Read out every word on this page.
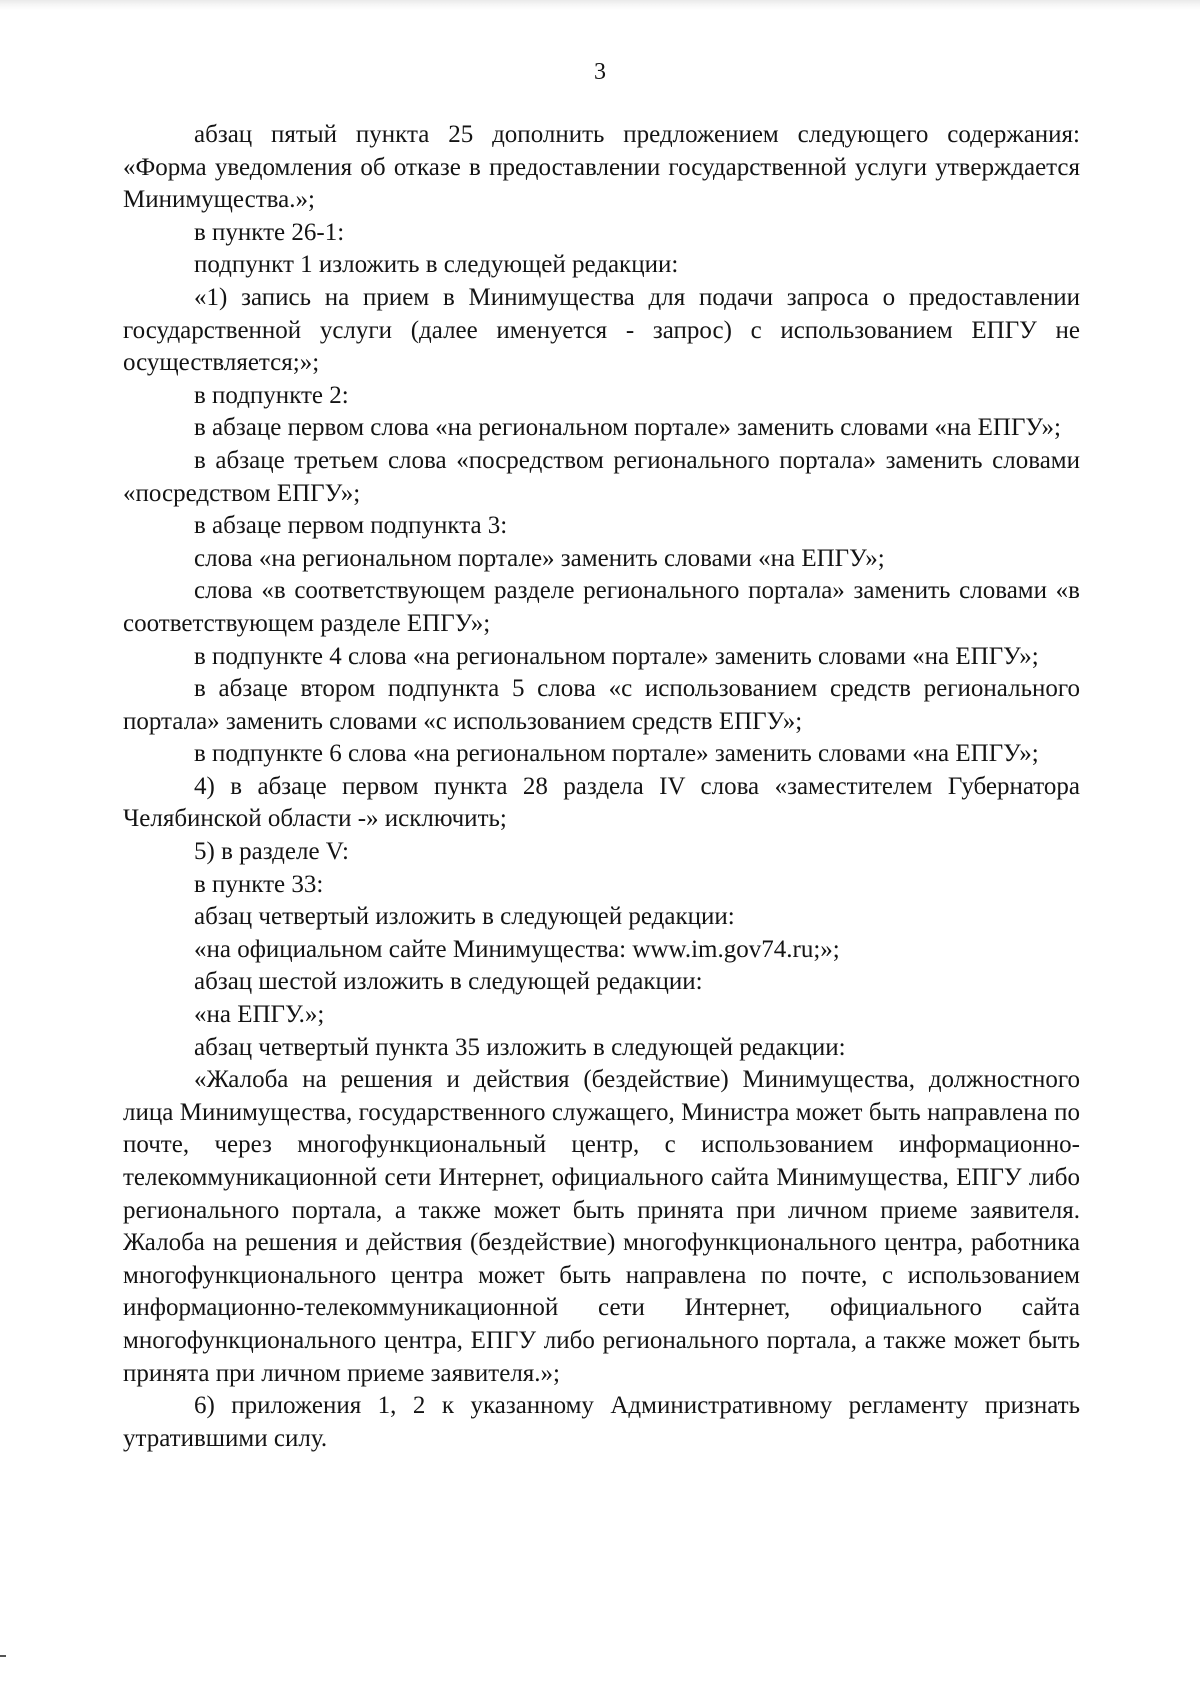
3

абзац пятый пункта 25 дополнить предложением следующего содержания: «Форма уведомления об отказе в предоставлении государственной услуги утверждается Минимущества.»;

в пункте 26-1:

подпункт 1 изложить в следующей редакции:

«1) запись на прием в Минимущества для подачи запроса о предоставлении государственной услуги (далее именуется - запрос) с использованием ЕПГУ не осуществляется;»;

в подпункте 2:

в абзаце первом слова «на региональном портале» заменить словами «на ЕПГУ»;

в абзаце третьем слова «посредством регионального портала» заменить словами «посредством ЕПГУ»;

в абзаце первом подпункта 3:

слова «на региональном портале» заменить словами «на ЕПГУ»;

слова «в соответствующем разделе регионального портала» заменить словами «в соответствующем разделе ЕПГУ»;

в подпункте 4 слова «на региональном портале» заменить словами «на ЕПГУ»;

в абзаце втором подпункта 5 слова «с использованием средств регионального портала» заменить словами «с использованием средств ЕПГУ»;

в подпункте 6 слова «на региональном портале» заменить словами «на ЕПГУ»;

4) в абзаце первом пункта 28 раздела IV слова «заместителем Губернатора Челябинской области -» исключить;

5) в разделе V:

в пункте 33:

абзац четвертый изложить в следующей редакции:

«на официальном сайте Минимущества: www.im.gov74.ru;»;

абзац шестой изложить в следующей редакции:

«на ЕПГУ.»;

абзац четвертый пункта 35 изложить в следующей редакции:

«Жалоба на решения и действия (бездействие) Минимущества, должностного лица Минимущества, государственного служащего, Министра может быть направлена по почте, через многофункциональный центр, с использованием информационно-телекоммуникационной сети Интернет, официального сайта Минимущества, ЕПГУ либо регионального портала, а также может быть принята при личном приеме заявителя. Жалоба на решения и действия (бездействие) многофункционального центра, работника многофункционального центра может быть направлена по почте, с использованием информационно-телекоммуникационной сети Интернет, официального сайта многофункционального центра, ЕПГУ либо регионального портала, а также может быть принята при личном приеме заявителя.»;

6) приложения 1, 2 к указанному Административному регламенту признать утратившими силу.
